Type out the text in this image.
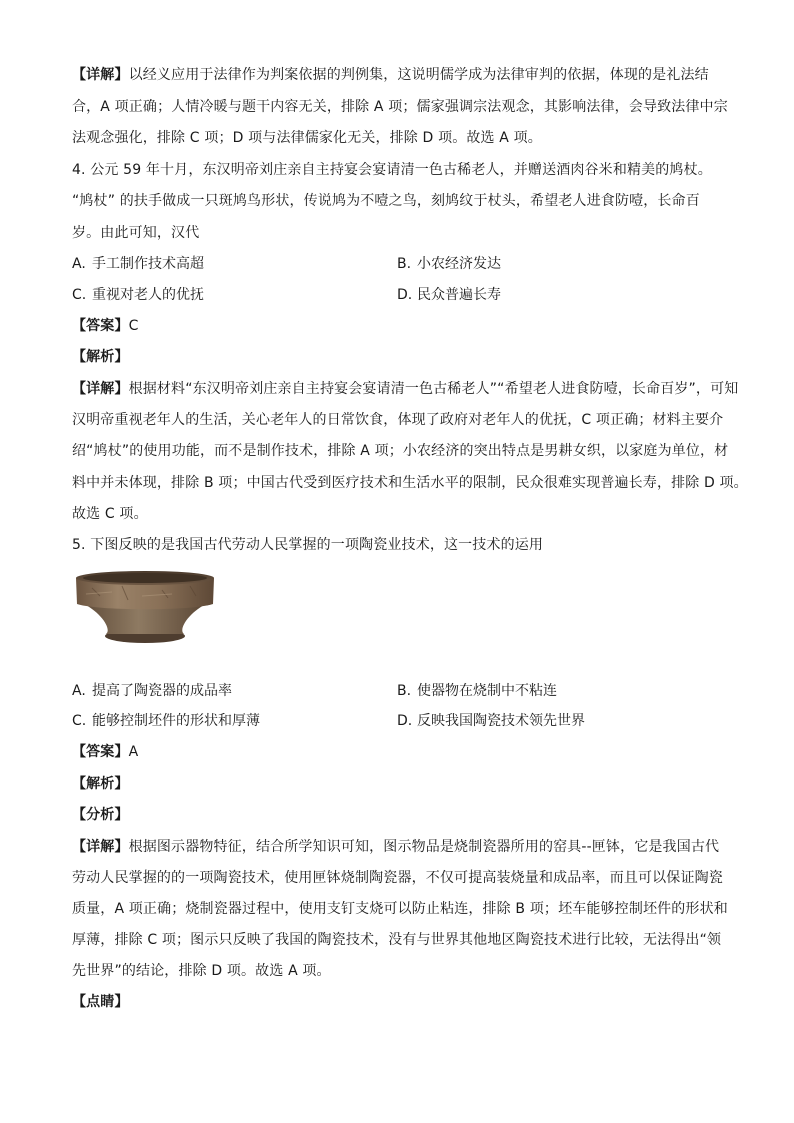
【详解】以经义应用于法律作为判案依据的判例集，这说明儒学成为法律审判的依据，体现的是礼法结
合，A 项正确；人情冷暖与题干内容无关，排除 A 项；儒家强调宗法观念，其影响法律，会导致法律中宗
法观念强化，排除 C 项；D 项与法律儒家化无关，排除 D 项。故选 A 项。
4. 公元 59 年十月，东汉明帝刘庄亲自主持宴会宴请清一色古稀老人，并赠送酒肉谷米和精美的鸠杖。
“鸠杖” 的扶手做成一只斑鸠鸟形状，传说鸠为不噎之鸟，刻鸠纹于杖头，希望老人进食防噎，长命百
岁。由此可知，汉代
A. 手工制作技术高超	B. 小农经济发达
C. 重视对老人的优抚	D. 民众普遍长寿
【答案】C
【解析】
【详解】根据材料“东汉明帝刘庄亲自主持宴会宴请清一色古稀老人”“希望老人进食防噎，长命百岁”，可知
汉明帝重视老年人的生活，关心老年人的日常饮食，体现了政府对老年人的优抚，C 项正确；材料主要介
绍“鸠杖”的使用功能，而不是制作技术，排除 A 项；小农经济的突出特点是男耕女织，以家庭为单位，材
料中并未体现，排除 B 项；中国古代受到医疗技术和生活水平的限制，民众很难实现普遍长寿，排除 D 项。
故选 C 项。
5. 下图反映的是我国古代劳动人民掌握的一项陶瓷业技术，这一技术的运用
A. 提高了陶瓷器的成品率	B. 使器物在烧制中不粘连
C. 能够控制坯件的形状和厚薄	D. 反映我国陶瓷技术领先世界
【答案】A
【解析】
【分析】
【详解】根据图示器物特征，结合所学知识可知，图示物品是烧制瓷器所用的窑具--匣钵，它是我国古代
劳动人民掌握的的一项陶瓷技术，使用匣钵烧制陶瓷器，不仅可提高装烧量和成品率，而且可以保证陶瓷
质量，A 项正确；烧制瓷器过程中，使用支钉支烧可以防止粘连，排除 B 项；坯车能够控制坯件的形状和
厚薄，排除 C 项；图示只反映了我国的陶瓷技术，没有与世界其他地区陶瓷技术进行比较，无法得出“领
先世界”的结论，排除 D 项。故选 A 项。
【点睛】
